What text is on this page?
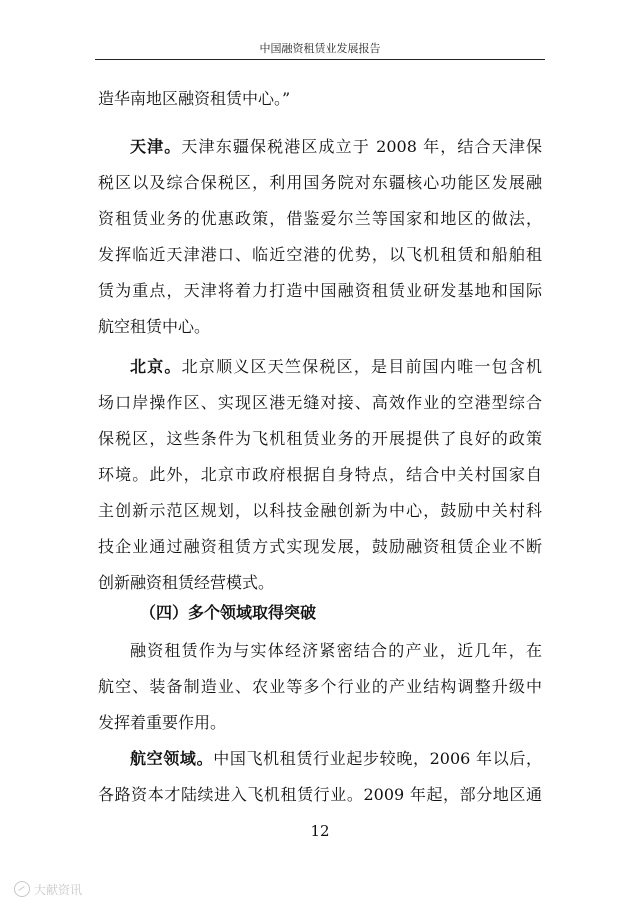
中国融资租赁业发展报告

造华南地区融资租赁中心。”

天津。天津东疆保税港区成立于 2008 年，结合天津保

税区以及综合保税区，利用国务院对东疆核心功能区发展融

资租赁业务的优惠政策，借鉴爱尔兰等国家和地区的做法，

发挥临近天津港口、临近空港的优势，以飞机租赁和船舶租

赁为重点，天津将着力打造中国融资租赁业研发基地和国际

航空租赁中心。

北京。北京顺义区天竺保税区，是目前国内唯一包含机

场口岸操作区、实现区港无缝对接、高效作业的空港型综合

保税区，这些条件为飞机租赁业务的开展提供了良好的政策

环境。此外，北京市政府根据自身特点，结合中关村国家自

主创新示范区规划，以科技金融创新为中心，鼓励中关村科

技企业通过融资租赁方式实现发展，鼓励融资租赁企业不断

创新融资租赁经营模式。

（四）多个领域取得突破

融资租赁作为与实体经济紧密结合的产业，近几年，在

航空、装备制造业、农业等多个行业的产业结构调整升级中

发挥着重要作用。

航空领域。中国飞机租赁行业起步较晚，2006 年以后，

各路资本才陆续进入飞机租赁行业。2009 年起，部分地区通

12
大献资讯
